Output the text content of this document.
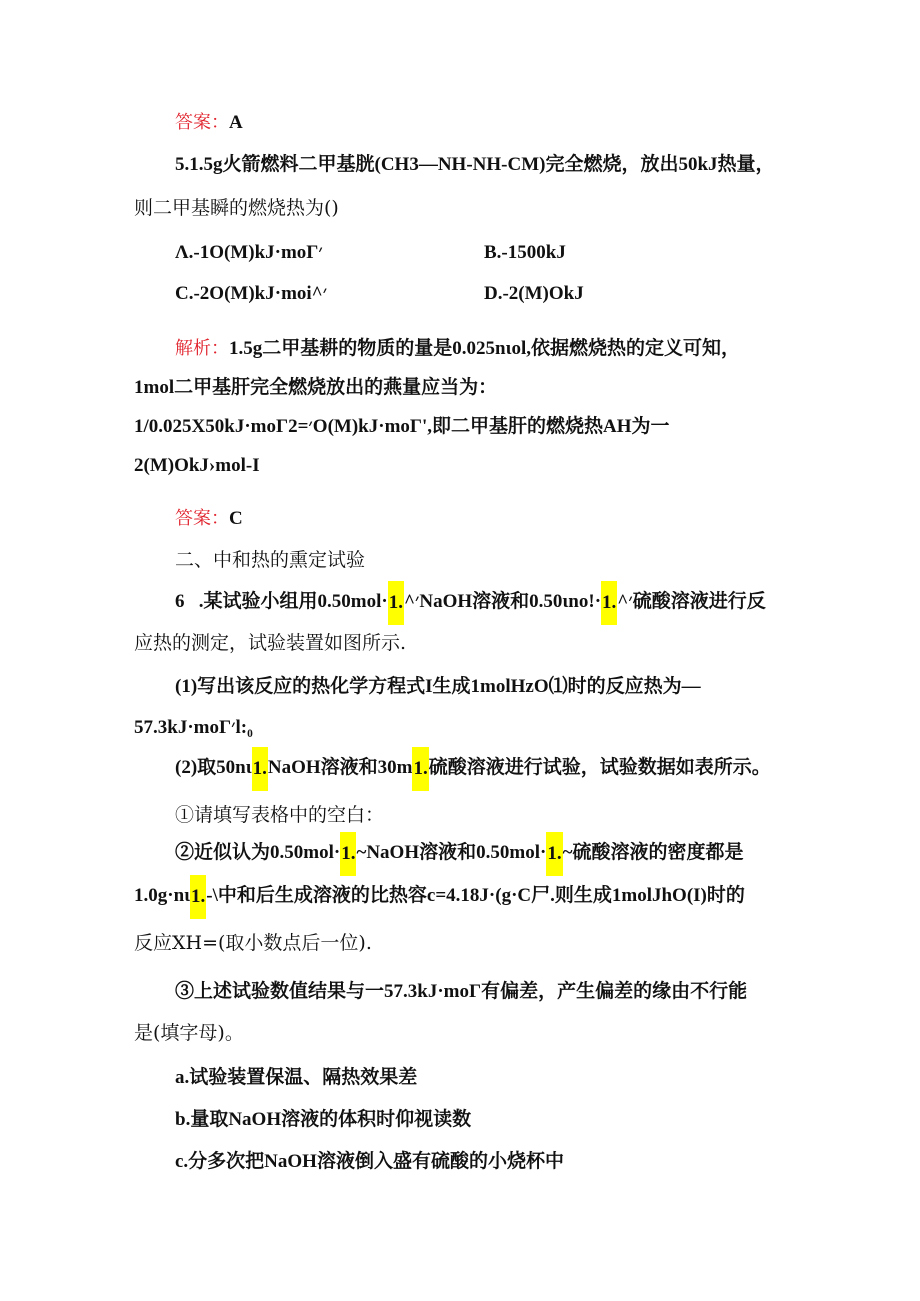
答案：A
5.1.5g火箭燃料二甲基胱(CH3—NH-NH-CM)完全燃烧，放出50kJ热量，
则二甲基瞬的燃烧热为()
Λ.-1O(M)kJ·moΓ׳	B.-1500kJ
C.-2O(M)kJ·moi^׳	D.-2(M)OkJ
解析：1.5g二甲基耕的物质的量是0.025nιol,依据燃烧热的定义可知，
1mol二甲基肝完全燃烧放出的燕量应当为：
1/0.025X50kJ·moΓ׳=2O(M)kJ·moΓ',即二甲基肝的燃烧热AH为一
2(M)OkJ›mol-I
答案：C
二、中和热的熏定试验
6 .某试验小组用0.50mol·1.^׳NaOH溶液和0.50ιno!·1.^׳硫酸溶液进行反
应热的测定，试验装置如图所示.
(1)写出该反应的热化学方程式I生成1molHzO⑴时的反应热为—
57.3kJ·moΓ׳l:₀
(2)取50nι1.NaOH溶液和30m1.硫酸溶液进行试验，试验数据如表所示。
①请填写表格中的空白：
②近似认为0.50mol·1.~NaOH溶液和0.50mol·1.~硫酸溶液的密度都是
1.0g·nι1.-\中和后生成溶液的比热容c=4.18J·(g·C尸.则生成1molJhO(I)时的
反应XH=(取小数点后一位).
③上述试验数值结果与一57.3kJ·moΓ有偏差，产生偏差的缘由不行能
是(填字母)。
a.试验装置保温、隔热效果差
b.量取NaOH溶液的体积时仰视读数
c.分多次把NaOH溶液倒入盛有硫酸的小烧杯中
